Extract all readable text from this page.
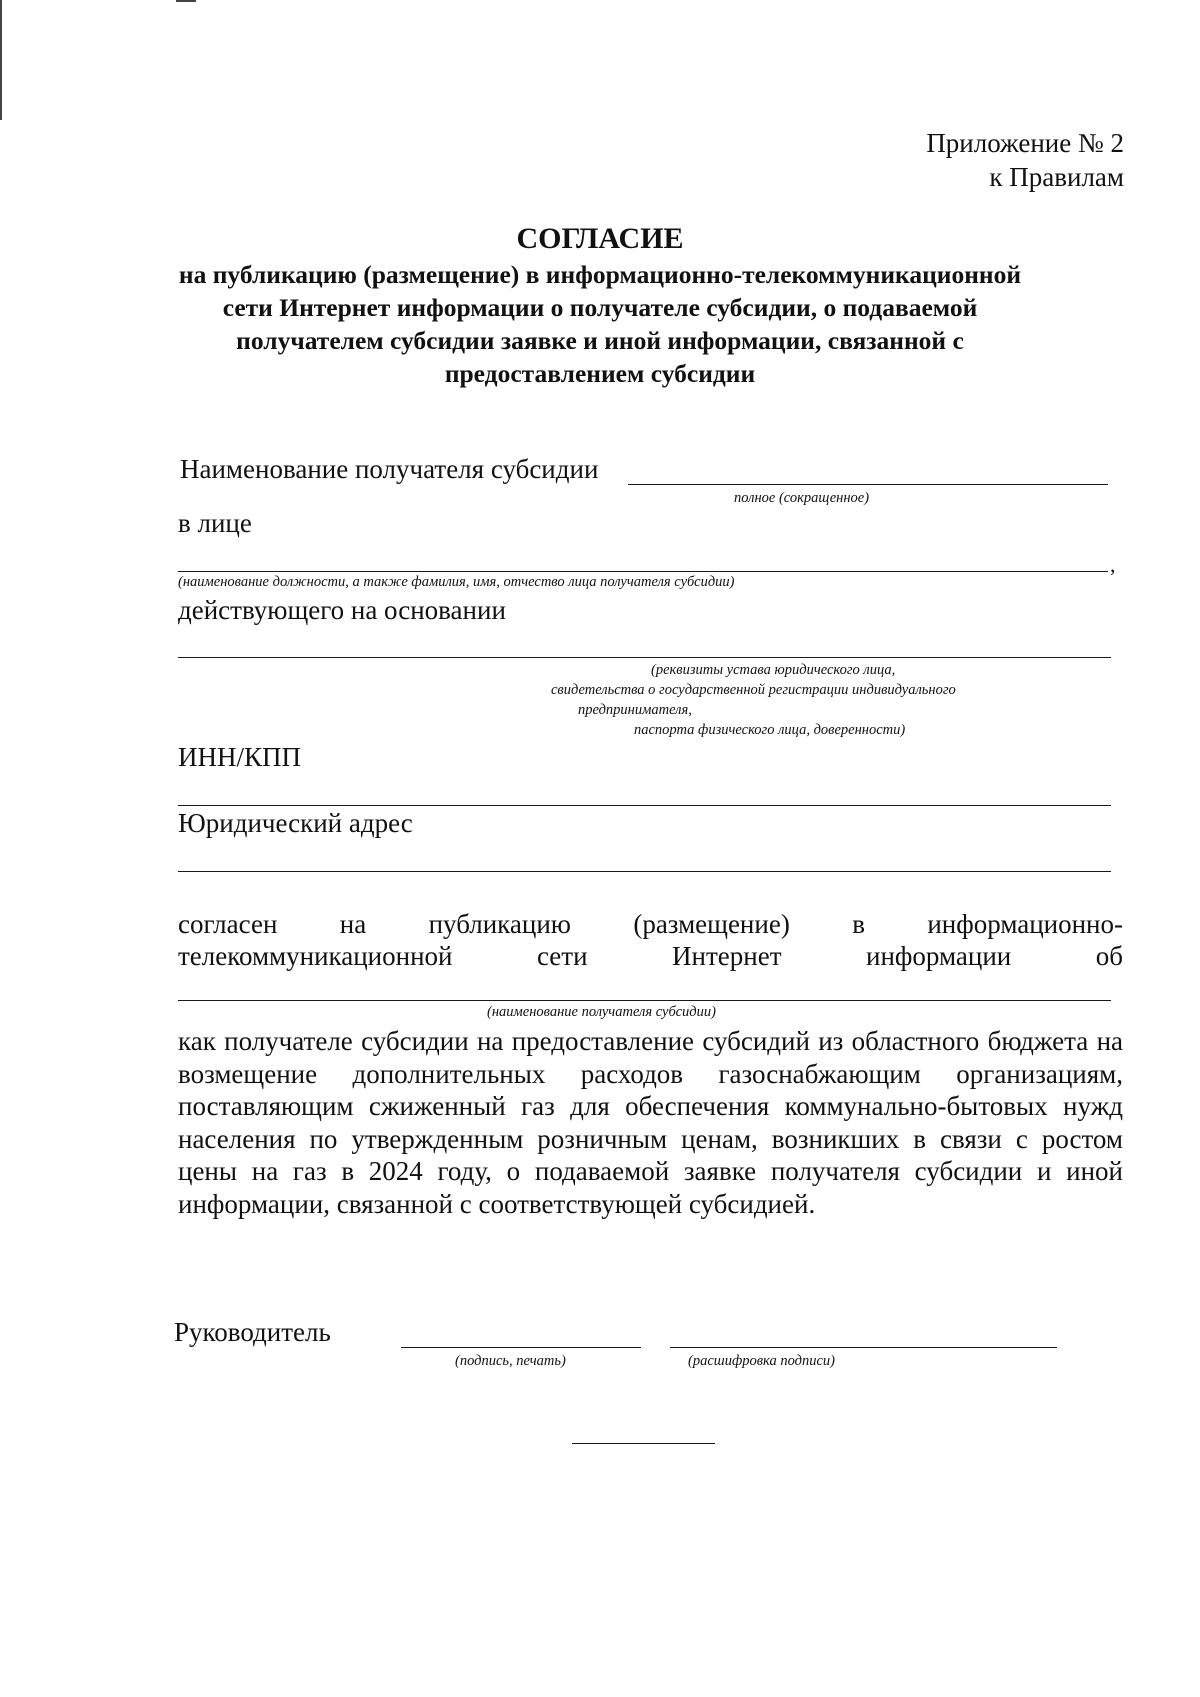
Приложение № 2
к Правилам
СОГЛАСИЕ
на публикацию (размещение) в информационно-телекоммуникационной
сети Интернет информации о получателе субсидии, о подаваемой
получателем субсидии заявке и иной информации, связанной с
предоставлением субсидии
Наименование получателя субсидии
полное (сокращенное)
в лице
,
(наименование должности, а также фамилия, имя, отчество лица получателя субсидии)
действующего на основании
(реквизиты устава юридического лица,
свидетельства о государственной регистрации индивидуального
предпринимателя,
паспорта физического лица, доверенности)
ИНН/КПП
Юридический адрес
согласен на публикацию (размещение) в информационно-
телекоммуникационной сети Интернет информации об
(наименование получателя субсидии)
как получателе субсидии на предоставление субсидий из областного бюджета на возмещение дополнительных расходов газоснабжающим организациям, поставляющим сжиженный газ для обеспечения коммунально-бытовых нужд населения по утвержденным розничным ценам, возникших в связи с ростом цены на газ в 2024 году, о подаваемой заявке получателя субсидии и иной информации, связанной с соответствующей субсидией.
Руководитель
(подпись, печать)	(расшифровка подписи)
